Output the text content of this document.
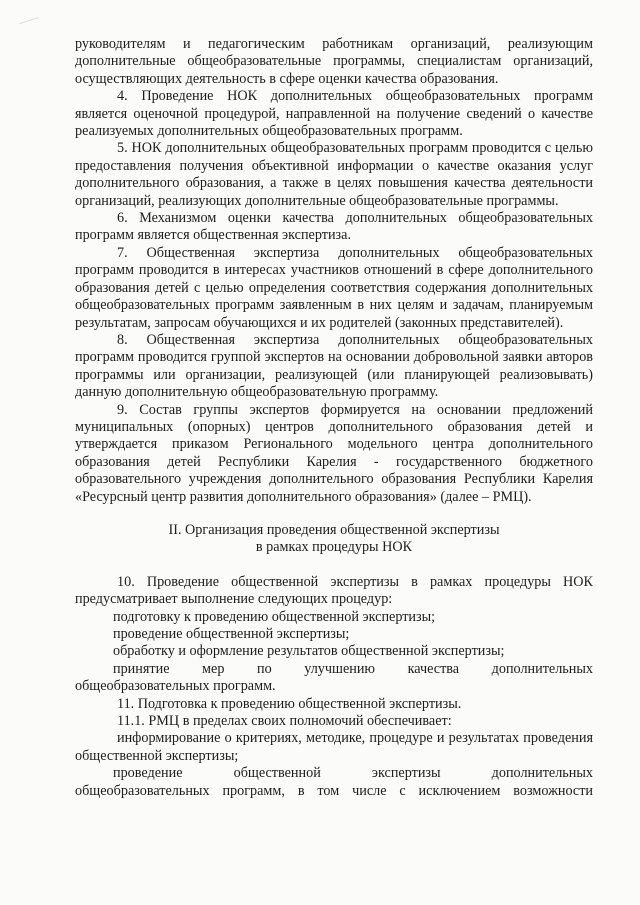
руководителям и педагогическим работникам организаций, реализующим дополнительные общеобразовательные программы, специалистам организаций, осуществляющих деятельность в сфере оценки качества образования.

4. Проведение НОК дополнительных общеобразовательных программ является оценочной процедурой, направленной на получение сведений о качестве реализуемых дополнительных общеобразовательных программ.

5. НОК дополнительных общеобразовательных программ проводится с целью предоставления получения объективной информации о качестве оказания услуг дополнительного образования, а также в целях повышения качества деятельности организаций, реализующих дополнительные общеобразовательные программы.

6. Механизмом оценки качества дополнительных общеобразовательных программ является общественная экспертиза.

7. Общественная экспертиза дополнительных общеобразовательных программ проводится в интересах участников отношений в сфере дополнительного образования детей с целью определения соответствия содержания дополнительных общеобразовательных программ заявленным в них целям и задачам, планируемым результатам, запросам обучающихся и их родителей (законных представителей).

8. Общественная экспертиза дополнительных общеобразовательных программ проводится группой экспертов на основании добровольной заявки авторов программы или организации, реализующей (или планирующей реализовывать) данную дополнительную общеобразовательную программу.

9. Состав группы экспертов формируется на основании предложений муниципальных (опорных) центров дополнительного образования детей и утверждается приказом Регионального модельного центра дополнительного образования детей Республики Карелия - государственного бюджетного образовательного учреждения дополнительного образования Республики Карелия «Ресурсный центр развития дополнительного образования» (далее – РМЦ).

II. Организация проведения общественной экспертизы
в рамках процедуры НОК

10. Проведение общественной экспертизы в рамках процедуры НОК предусматривает выполнение следующих процедур:

подготовку к проведению общественной экспертизы;

проведение общественной экспертизы;

обработку и оформление результатов общественной экспертизы;

принятие мер по улучшению качества дополнительных

общеобразовательных программ.

11. Подготовка к проведению общественной экспертизы.

11.1. РМЦ в пределах своих полномочий обеспечивает:

информирование о критериях, методике, процедуре и результатах проведения общественной экспертизы;

проведение общественной экспертизы дополнительных

общеобразовательных программ, в том числе с исключением возможности
